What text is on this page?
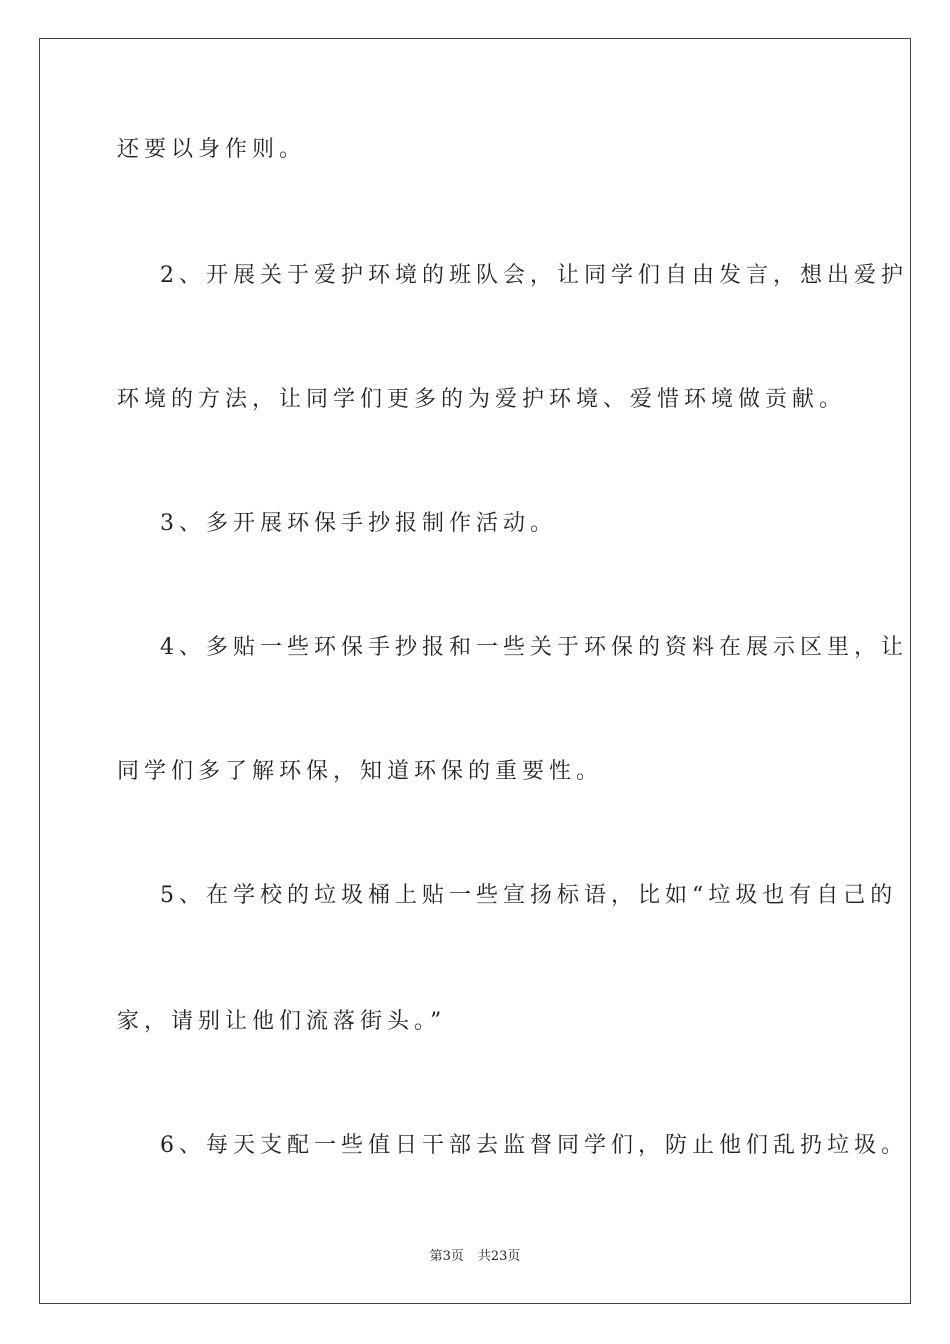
还要以身作则。
2、开展关于爱护环境的班队会，让同学们自由发言，想出爱护
环境的方法，让同学们更多的为爱护环境、爱惜环境做贡献。
3、多开展环保手抄报制作活动。
4、多贴一些环保手抄报和一些关于环保的资料在展示区里，让
同学们多了解环保，知道环保的重要性。
5、在学校的垃圾桶上贴一些宣扬标语，比如“垃圾也有自己的
家，请别让他们流落街头。”
6、每天支配一些值日干部去监督同学们，防止他们乱扔垃圾。
第3页 共23页
